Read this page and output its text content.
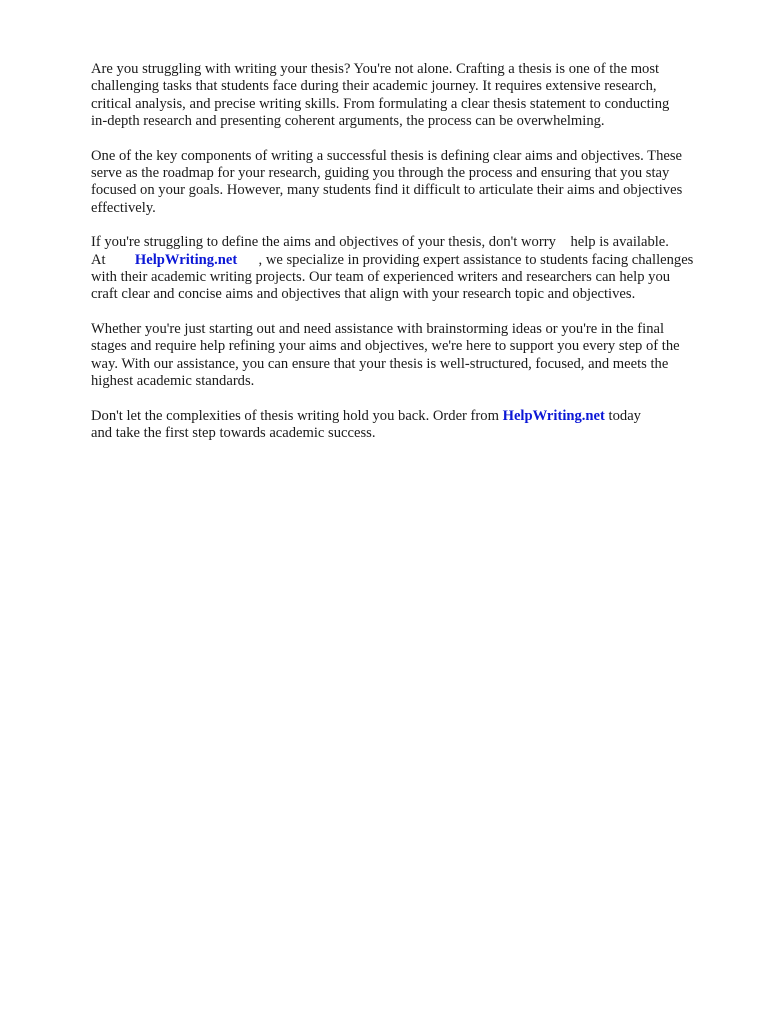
Are you struggling with writing your thesis? You're not alone. Crafting a thesis is one of the most
challenging tasks that students face during their academic journey. It requires extensive research,
critical analysis, and precise writing skills. From formulating a clear thesis statement to conducting
in-depth research and presenting coherent arguments, the process can be overwhelming.

One of the key components of writing a successful thesis is defining clear aims and objectives. These
serve as the roadmap for your research, guiding you through the process and ensuring that you stay
focused on your goals. However, many students find it difficult to articulate their aims and objectives
effectively.

If you're struggling to define the aims and objectives of your thesis, don't worry    help is available.
At HelpWriting.net , we specialize in providing expert assistance to students facing challenges
with their academic writing projects. Our team of experienced writers and researchers can help you
craft clear and concise aims and objectives that align with your research topic and objectives.

Whether you're just starting out and need assistance with brainstorming ideas or you're in the final
stages and require help refining your aims and objectives, we're here to support you every step of the
way. With our assistance, you can ensure that your thesis is well-structured, focused, and meets the
highest academic standards.

Don't let the complexities of thesis writing hold you back. Order from HelpWriting.net today
and take the first step towards academic success.
